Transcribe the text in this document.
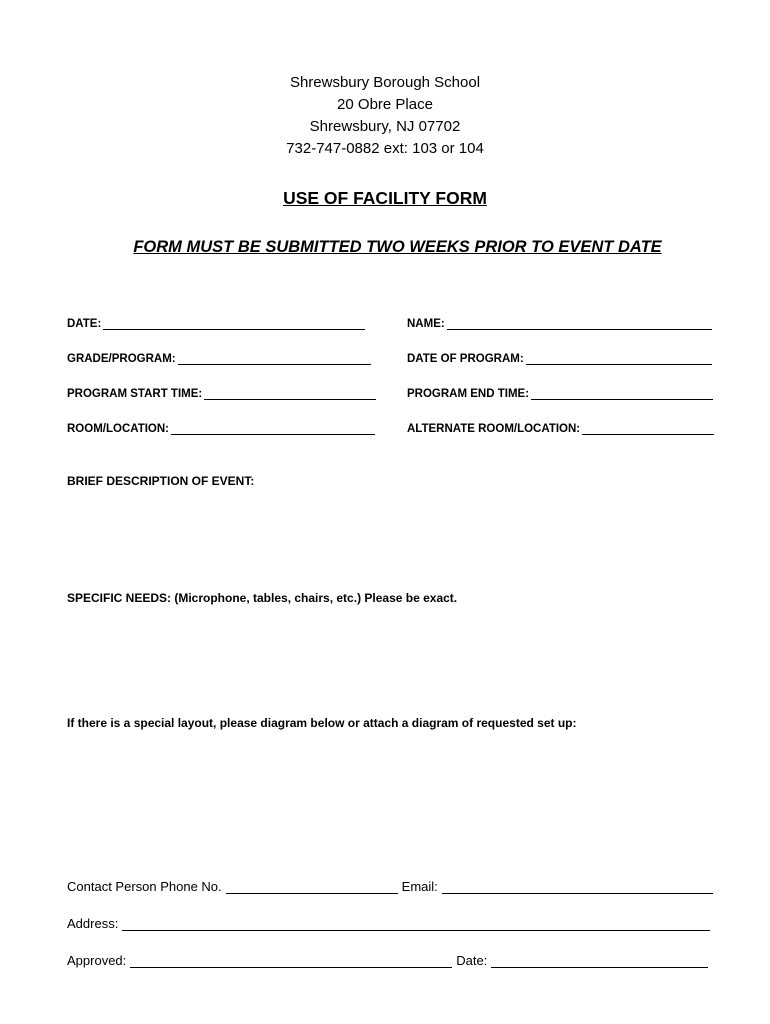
Shrewsbury Borough School
20 Obre Place
Shrewsbury, NJ 07702
732-747-0882 ext: 103 or 104
USE OF FACILITY FORM
FORM MUST BE SUBMITTED TWO WEEKS PRIOR TO EVENT DATE
DATE:	NAME:
GRADE/PROGRAM:	DATE OF PROGRAM:
PROGRAM START TIME:	PROGRAM END TIME:
ROOM/LOCATION:	ALTERNATE ROOM/LOCATION:
BRIEF DESCRIPTION OF EVENT:
SPECIFIC NEEDS: (Microphone, tables, chairs, etc.) Please be exact.
If there is a special layout, please diagram below or attach a diagram of requested set up:
Contact Person Phone No.	Email:
Address:
Approved:	Date:
